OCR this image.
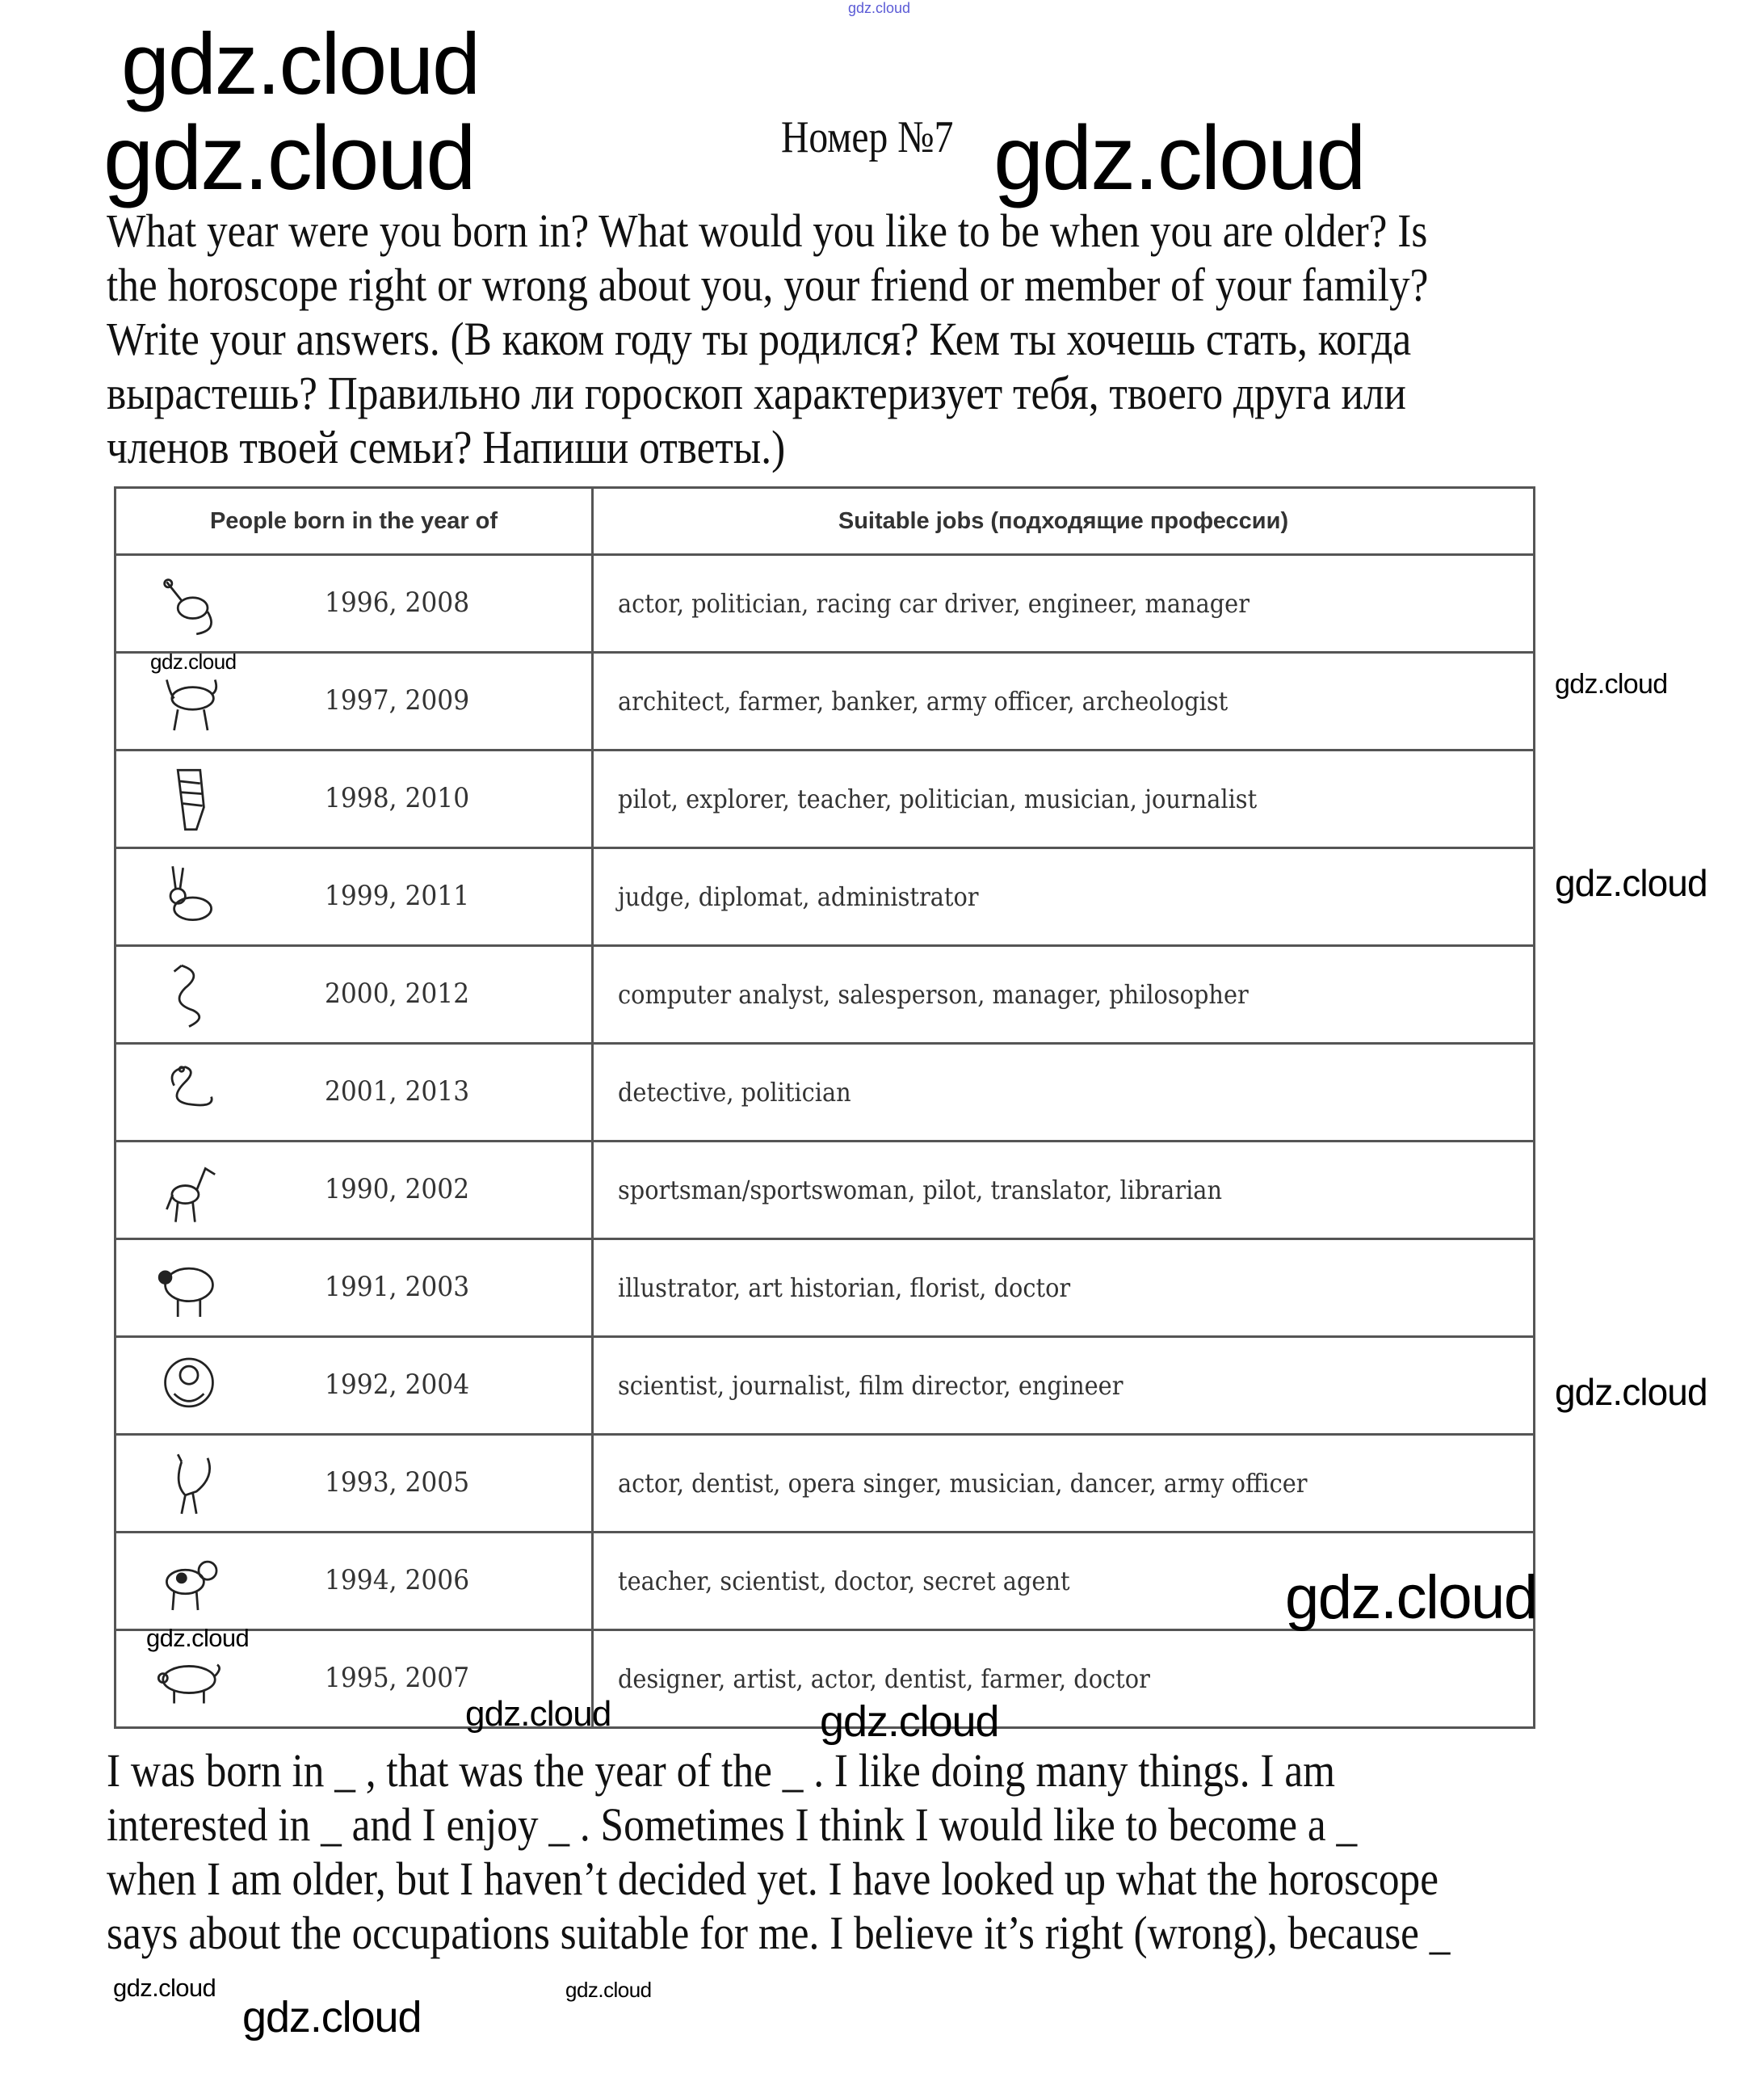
gdz.cloud
Номер №7
What year were you born in? What would you like to be when you are older? Is
the horoscope right or wrong about you, your friend or member of your family?
Write your answers. (В каком году ты родился? Кем ты хочешь стать, когда
вырастешь? Правильно ли гороскоп характеризует тебя, твоего друга или
членов твоей семьи? Напиши ответы.)
People born in the year of	Suitable jobs (подходящие профессии)

1996, 2008	actor, politician, racing car driver, engineer, manager

1997, 2009	architect, farmer, banker, army officer, archeologist

1998, 2010	pilot, explorer, teacher, politician, musician, journalist

1999, 2011	judge, diplomat, administrator

2000, 2012	computer analyst, salesperson, manager, philosopher

2001, 2013	detective, politician

1990, 2002	sportsman/sportswoman, pilot, translator, librarian

1991, 2003	illustrator, art historian, florist, doctor

1992, 2004	scientist, journalist, film director, engineer

1993, 2005	actor, dentist, opera singer, musician, dancer, army officer

1994, 2006	teacher, scientist, doctor, secret agent

1995, 2007	designer, artist, actor, dentist, farmer, doctor
I was born in _ , that was the year of the _ . I like doing many things. I am
interested in _ and I enjoy _ . Sometimes I think I would like to become a _
when I am older, but I haven’t decided yet. I have looked up what the horoscope
says about the occupations suitable for me. I believe it’s right (wrong), because _
gdz.cloud	gdz.cloud
gdz.cloud
gdz.cloud
gdz.cloud
gdz.cloud
gdz.cloud
gdz.cloud
gdz.cloud
gdz.cloud
gdz.cloud	gdz.cloud
gdz.cloud	gdz.cloud
